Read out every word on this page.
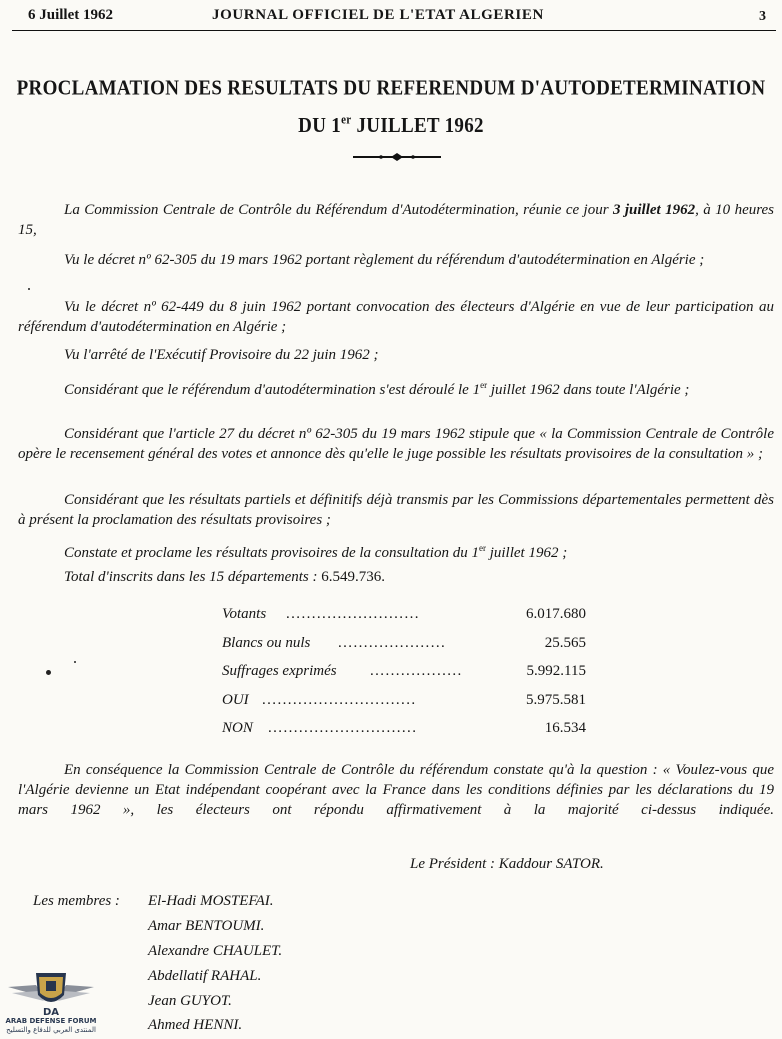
6 Juillet 1962	JOURNAL OFFICIEL DE L'ETAT ALGERIEN	3
PROCLAMATION DES RESULTATS DU REFERENDUM D'AUTODETERMINATION
DU 1er JUILLET 1962
La Commission Centrale de Contrôle du Référendum d'Autodétermination, réunie ce jour 3 juillet 1962, à 10 heures 15,
Vu le décret nº 62-305 du 19 mars 1962 portant règlement du référendum d'autodétermination en Algérie ;
Vu le décret nº 62-449 du 8 juin 1962 portant convocation des électeurs d'Algérie en vue de leur participation au référendum d'autodétermination en Algérie ;
Vu l'arrêté de l'Exécutif Provisoire du 22 juin 1962 ;
Considérant que le référendum d'autodétermination s'est déroulé le 1er juillet 1962 dans toute l'Algérie ;
Considérant que l'article 27 du décret nº 62-305 du 19 mars 1962 stipule que « la Commission Centrale de Contrôle opère le recensement général des votes et annonce dès qu'elle le juge possible les résultats provisoires de la consultation » ;
Considérant que les résultats partiels et définitifs déjà transmis par les Commissions départementales permettent dès à présent la proclamation des résultats provisoires ;
Constate et proclame les résultats provisoires de la consultation du 1er juillet 1962 ;
Total d'inscrits dans les 15 départements : 6.549.736.
Votants ..........................	6.017.680
Blancs ou nuls .....................	25.565
Suffrages exprimés ..................	5.992.115
OUI ..............................	5.975.581
NON .............................	16.534
En conséquence la Commission Centrale de Contrôle du référendum constate qu'à la question : « Voulez-vous que l'Algérie devienne un Etat indépendant coopérant avec la France dans les conditions définies par les déclarations du 19 mars 1962 », les électeurs ont répondu affirmativement à la majorité ci-dessus indiquée.
Le Président : Kaddour SATOR.
Les membres : El-Hadi MOSTEFAI.
Amar BENTOUMI.
Alexandre CHAULET.
Abdellatif RAHAL.
Jean GUYOT.
Ahmed HENNI.
DA
ARAB DEFENSE FORUM
المنتدى العربي للدفاع والتسليح
